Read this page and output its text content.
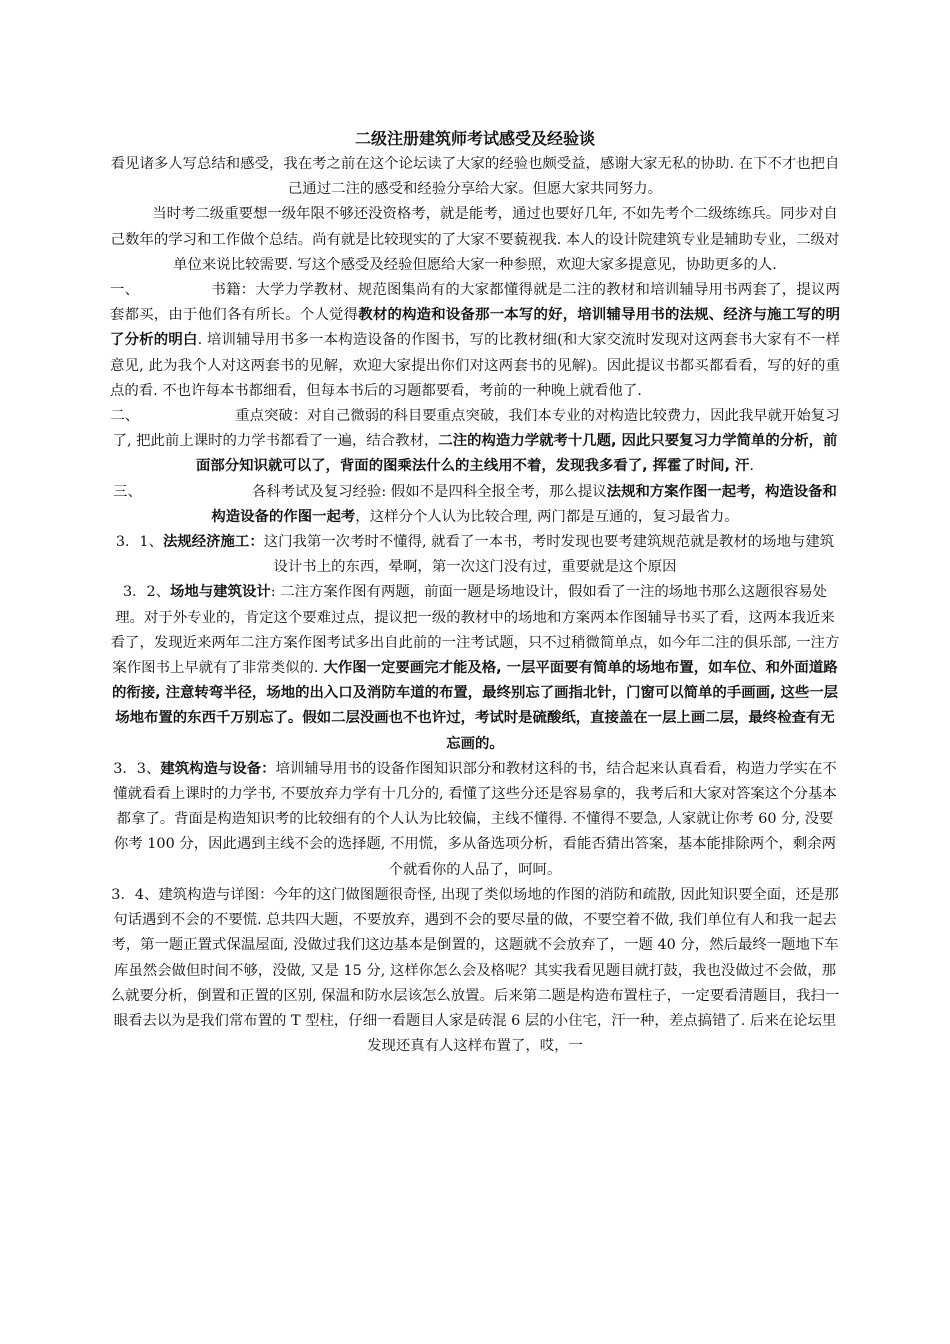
二级注册建筑师考试感受及经验谈

看见诸多人写总结和感受，我在考之前在这个论坛读了大家的经验也颇受益，感谢大家无私的协助. 在下不才也把自己通过二注的感受和经验分享给大家。但愿大家共同努力。

当时考二级重要想一级年限不够还没资格考，就是能考，通过也要好几年, 不如先考个二级练练兵。同步对自己数年的学习和工作做个总结。尚有就是比较现实的了大家不要藐视我. 本人的设计院建筑专业是辅助专业，二级对单位来说比较需要. 写这个感受及经验但愿给大家一种参照，欢迎大家多提意见，协助更多的人.

一、	书籍：大学力学教材、规范图集尚有的大家都懂得就是二注的教材和培训辅导用书两套了，提议两套都买，由于他们各有所长。个人觉得教材的构造和设备那一本写的好，培训辅导用书的法规、经济与施工写的明了分析的明白. 培训辅导用书多一本构造设备的作图书，写的比教材细(和大家交流时发现对这两套书大家有不一样意见, 此为我个人对这两套书的见解，欢迎大家提出你们对这两套书的见解)。因此提议书都买都看看，写的好的重点的看. 不也许每本书都细看，但每本书后的习题都要看，考前的一种晚上就看他了.

二、	重点突破：对自己微弱的科目要重点突破，我们本专业的对构造比较费力，因此我早就开始复习了, 把此前上课时的力学书都看了一遍，结合教材，二注的构造力学就考十几题, 因此只要复习力学简单的分析，前面部分知识就可以了，背面的图乘法什么的主线用不着，发现我多看了, 挥霍了时间, 汗.

三、	各科考试及复习经验: 假如不是四科全报全考，那么提议法规和方案作图一起考，构造设备和构造设备的作图一起考，这样分个人认为比较合理, 两门都是互通的，复习最省力。

3．1、法规经济施工：这门我第一次考时不懂得, 就看了一本书，考时发现也要考建筑规范就是教材的场地与建筑设计书上的东西，晕啊，第一次这门没有过，重要就是这个原因

3．2、场地与建筑设计: 二注方案作图有两题，前面一题是场地设计，假如看了一注的场地书那么这题很容易处理。对于外专业的，肯定这个要难过点，提议把一级的教材中的场地和方案两本作图辅导书买了看，这两本我近来看了，发现近来两年二注方案作图考试多出自此前的一注考试题，只不过稍微简单点，如今年二注的俱乐部, 一注方案作图书上早就有了非常类似的. 大作图一定要画完才能及格, 一层平面要有简单的场地布置，如车位、和外面道路的衔接, 注意转弯半径，场地的出入口及消防车道的布置，最终别忘了画指北针，门窗可以简单的手画画, 这些一层场地布置的东西千万别忘了。假如二层没画也不也许过，考试时是硫酸纸，直接盖在一层上画二层，最终检查有无忘画的。

3．3、建筑构造与设备：培训辅导用书的设备作图知识部分和教材这科的书，结合起来认真看看，构造力学实在不懂就看看上课时的力学书, 不要放弃力学有十几分的, 看懂了这些分还是容易拿的，我考后和大家对答案这个分基本都拿了。背面是构造知识考的比较细有的个人认为比较偏，主线不懂得. 不懂得不要急, 人家就让你考 60 分, 没要你考 100 分，因此遇到主线不会的选择题, 不用慌，多从备选项分析，看能否猜出答案，基本能排除两个，剩余两个就看你的人品了，呵呵。

3．4、建筑构造与详图：今年的这门做图题很奇怪, 出现了类似场地的作图的消防和疏散, 因此知识要全面，还是那句话遇到不会的不要慌. 总共四大题，不要放弃，遇到不会的要尽量的做，不要空着不做, 我们单位有人和我一起去考，第一题正置式保温屋面, 没做过我们这边基本是倒置的，这题就不会放弃了，一题 40 分，然后最终一题地下车库虽然会做但时间不够，没做, 又是 15 分, 这样你怎么会及格呢？其实我看见题目就打鼓，我也没做过不会做，那么就要分析，倒置和正置的区别, 保温和防水层该怎么放置。后来第二题是构造布置柱子，一定要看清题目，我扫一眼看去以为是我们常布置的 T 型柱，仔细一看题目人家是砖混 6 层的小住宅，汗一种，差点搞错了. 后来在论坛里发现还真有人这样布置了，哎，一
